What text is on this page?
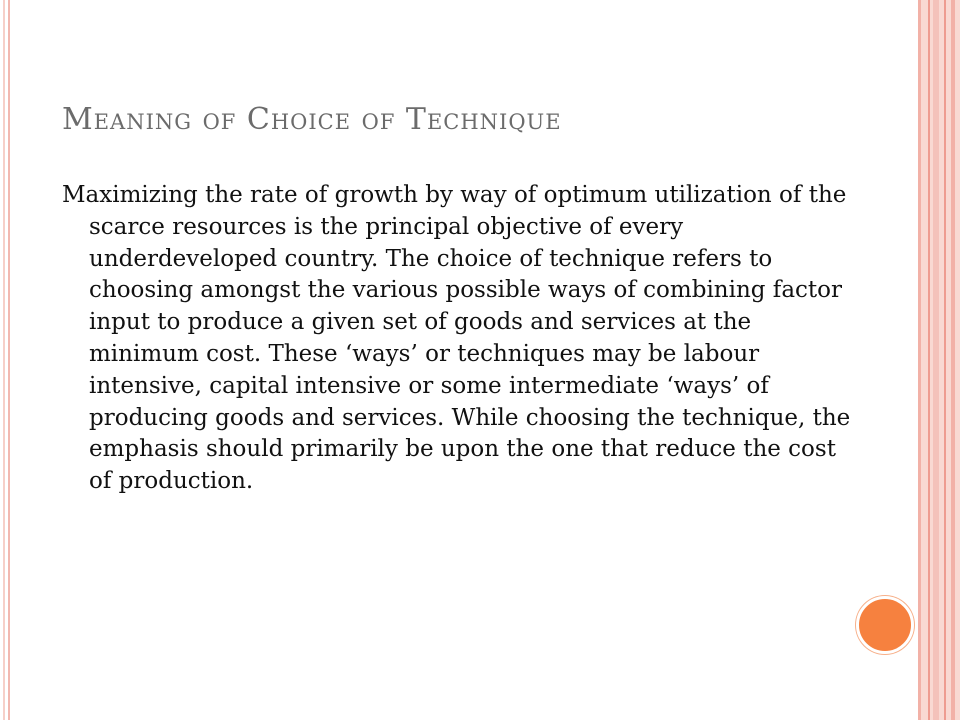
Meaning of Choice of Technique

Maximizing the rate of growth by way of optimum utilization of the scarce resources is the principal objective of every underdeveloped country. The choice of technique refers to choosing amongst the various possible ways of combining factor input to produce a given set of goods and services at the minimum cost. These ‘ways’ or techniques may be labour intensive, capital intensive or some intermediate ‘ways’ of producing goods and services. While choosing the technique, the emphasis should primarily be upon the one that reduce the cost of production.
